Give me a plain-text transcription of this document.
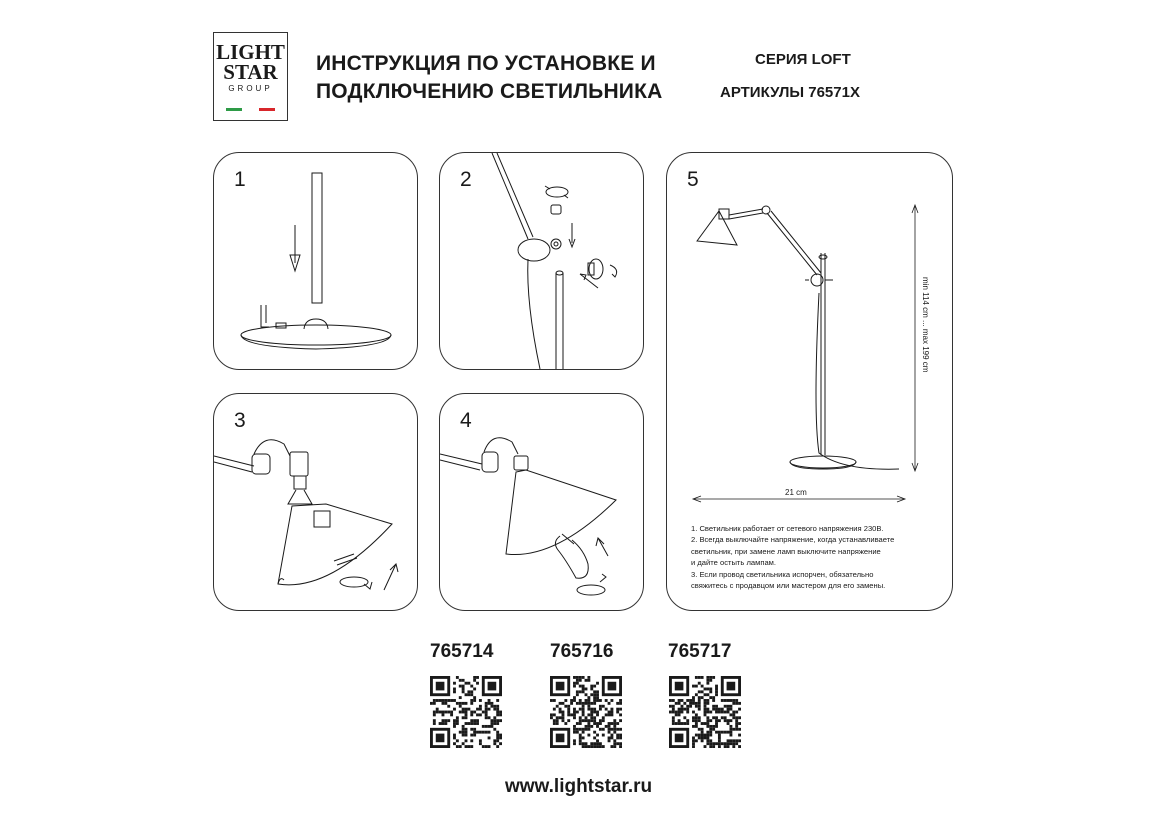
LIGHT
STAR
GROUP
ИНСТРУКЦИЯ ПО УСТАНОВКЕ И
ПОДКЛЮЧЕНИЮ СВЕТИЛЬНИКА
СЕРИЯ LOFT
АРТИКУЛЫ 76571X
1	2
3	4
min 114 cm ... max 199 cm
21 cm
5

1. Светильник работает от сетевого напряжения 230В.

2. Всегда выключайте напряжение, когда устанавливаете

светильник, при замене ламп выключите напряжение

и дайте остыть лампам.

3. Если провод светильника испорчен, обязательно

свяжитесь с продавцом или мастером для его замены.

765714	765716	765717
www.lightstar.ru
